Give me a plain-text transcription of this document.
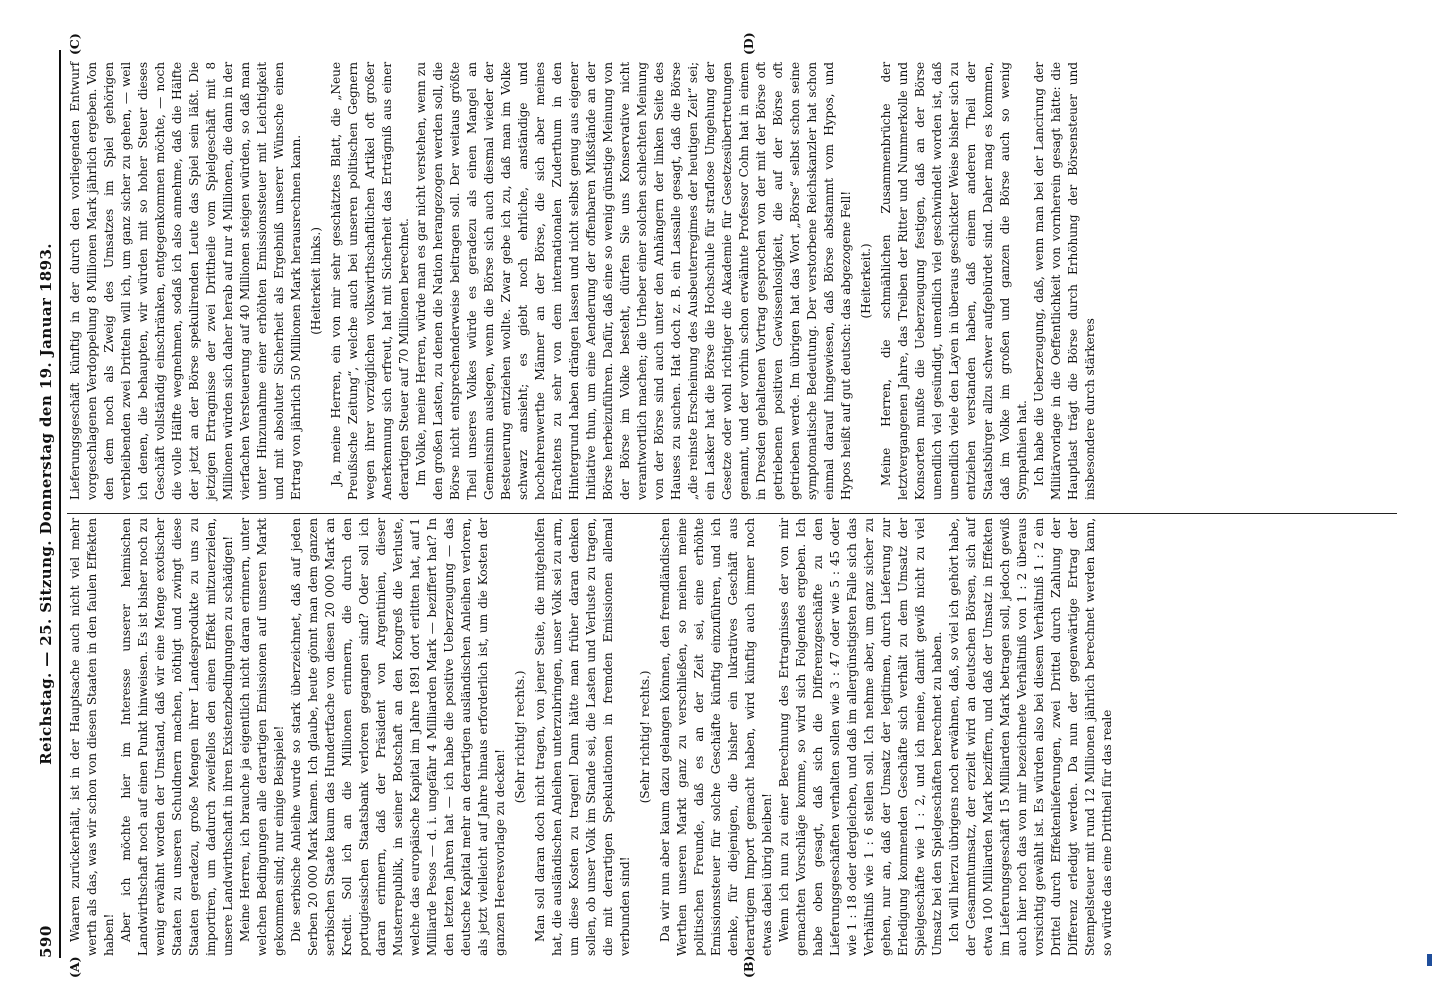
590
Reichstag. — 25. Sitzung. Donnerstag den 19. Januar 1893. Waaren zurückerhält, ist in der Hauptsache auch nicht viel mehr werth als das, was wir schon von diesen Staaten in den faulen Effekten haben! Aber ich möchte hier im Interesse unserer heimischen Landwirthschaft noch auf einen Punkt hinweisen. Es ist bisher noch zu wenig erwähnt worden der Umstand, daß wir eine Menge exotischer Staaten zu unseren Schuldnern machen, nöthigt und zwingt diese Staaten geradezu, große Mengen ihrer Landesprodukte zu uns zu importiren, um dadurch zweifellos den einen Effekt mitzuerzielen, unsere Landwirthschaft in ihren Existenzbedingungen zu schädigen! Meine Herren, ich brauche ja eigentlich nicht daran erinnern, unter welchen Bedingungen alle derartigen Emissionen auf unseren Markt gekommen sind; nur einige Beispiele! Die serbische Anleihe wurde so stark überzeichnet, daß auf jeden Serben 20 000 Mark kamen. Ich glaube, heute gönnt man dem ganzen serbischen Staate kaum das Hundertfache von diesen 20 000 Mark an Kredit. Soll ich an die Millionen erinnern, die durch den portugiesischen Staatsbank verloren gegangen sind? Oder soll ich daran erinnern, daß der Präsident von Argentinien, dieser Musterrepublik, in seiner Botschaft an den Kongreß die Verluste, welche das europäische Kapital im Jahre 1891 dort erlitten hat, auf 1 Milliarde Pesos — d. i. ungefähr 4 Milliarden Mark — beziffert hat? In den letzten Jahren hat — ich habe die positive Ueberzeugung — das deutsche Kapital mehr an derartigen ausländischen Anleihen verloren, als jetzt vielleicht auf Jahre hinaus erforderlich ist, um die Kosten der ganzen Heeresvorlage zu decken!

(Sehr richtig! rechts.) Man soll daran doch nicht tragen, von jener Seite, die mitgeholfen hat, die ausländischen Anleihen unterzubringen, unser Volk sei zu arm, um diese Kosten zu tragen! Dann hätte man früher daran denken sollen, ob unser Volk im Stande sei, die Lasten und Verluste zu tragen, die mit derartigen Spekulationen in fremden Emissionen allemal verbunden sind!

(Sehr richtig! rechts.) Da wir nun aber kaum dazu gelangen können, den fremdländischen Werthen unseren Markt ganz zu verschließen, so meinen meine politischen Freunde, daß es an der Zeit sei, eine erhöhte Emissionssteuer für solche Geschäfte künftig einzuführen, und ich denke, für diejenigen, die bisher ein lukratives Geschäft aus derartigem Import gemacht haben, wird künftig auch immer noch etwas dabei übrig bleiben! Wenn ich nun zu einer Berechnung des Ertragnisses der von mir gemachten Vorschläge komme, so wird sich Folgendes ergeben. Ich habe oben gesagt, daß sich die Differenzgeschäfte zu den Lieferungsgeschäften verhalten sollen wie 3 : 47 oder wie 5 : 45 oder wie 1 : 18 oder dergleichen, und daß im allergünstigsten Falle sich das Verhältniß wie 1 : 6 stellen soll. Ich nehme aber, um ganz sicher zu gehen, nur an, daß der Umsatz der legitimen, durch Lieferung zur Erledigung kommenden Geschäfte sich verhält zu dem Umsatz der Spielgeschäfte wie 1 : 2, und ich meine, damit gewiß nicht zu viel Umsatz bei den Spielgeschäften berechnet zu haben. Ich will hierzu übrigens noch erwähnen, daß, so viel ich gehört habe, der Gesammtumsatz, der erzielt wird an deutschen Börsen, sich auf etwa 100 Milliarden Mark beziffern, und daß der Umsatz in Effekten im Lieferungsgeschäft 15 Milliarden Mark betragen soll, jedoch gewiß auch hier noch das von mir bezeichnete Verhältniß von 1 : 2 überaus vorsichtig gewählt ist. Es würden also bei diesem Verhältniß 1 : 2 ein Drittel durch Effektenlieferungen, zwei Drittel durch Zahlung der Differenz erledigt werden. Da nun der gegenwärtige Ertrag der Stempelsteuer mit rund 12 Millionen jährlich berechnet werden kann, so würde das eine Drittheil für das reale

Lieferungsgeschäft künftig in der durch den vorliegenden Entwurf vorgeschlagenen Verdoppelung 8 Millionen Mark jährlich ergeben. Von den dem noch als Zweig des Umsatzes im Spiel gehörigen verbleibenden zwei Dritteln will ich, um ganz sicher zu gehen, — weil ich denen, die behaupten, wir würden mit so hoher Steuer dieses Geschäft vollständig einschränken, entgegenkommen möchte, — noch die volle Hälfte wegnehmen, sodaß ich also annehme, daß die Hälfte der jetzt an der Börse spekulirenden Leute das Spiel sein läßt. Die jetzigen Ertragnisse der zwei Drittheile vom Spielgeschäft mit 8 Millionen würden sich daher herab auf nur 4 Millionen, die dann in der vierfachen Versteuerung auf 40 Millionen steigen würden, so daß man unter Hinzunahme einer erhöhten Emissionssteuer mit Leichtigkeit und mit absoluter Sicherheit als Ergebniß unserer Wünsche einen Ertrag von jährlich 50 Millionen Mark herausrechnen kann. (Heiterkeit links.) Ja, meine Herren, ein von mir sehr geschätztes Blatt, die „Neue Preußische Zeitung“, welche auch bei unseren politischen Gegnern wegen ihrer vorzüglichen volkswirthschaftlichen Artikel oft großer Anerkennung sich erfreut, hat mit Sicherheit das Erträgniß aus einer derartigen Steuer auf 70 Millionen berechnet. Im Volke, meine Herren, würde man es gar nicht verstehen, wenn zu den großen Lasten, zu denen die Nation herangezogen werden soll, die Börse nicht entsprechenderweise beitragen soll. Der weitaus größte Theil unseres Volkes würde es geradezu als einen Mangel an Gemeinsinn auslegen, wenn die Börse sich auch diesmal wieder der Besteuerung entziehen wollte. Zwar gebe ich zu, daß man im Volke schwarz ansieht; es giebt noch ehrliche, anständige und hochehrenwerthe Männer an der Börse, die sich aber meines Erachtens zu sehr von dem internationalen Zuderthum in den Hintergrund haben drängen lassen und nicht selbst genug aus eigener Initiative thun, um eine Aenderung der offenbaren Mißstände an der Börse herbeizuführen. Dafür, daß eine so wenig günstige Meinung von der Börse im Volke besteht, dürfen Sie uns Konservative nicht verantwortlich machen; die Urheber einer solchen schlechten Meinung von der Börse sind auch unter den Anhängern der linken Seite des Hauses zu suchen. Hat doch z. B. ein Lassalle gesagt, daß die Börse „die reinste Erscheinung des Ausbeuterregimes der heutigen Zeit“ sei; ein Lasker hat die Börse die Hochschule für straflose Umgehung der Gesetze oder wohl richtiger die Akademie für Gesetzesübertretungen genannt, und der vorhin schon erwähnte Professor Cohn hat in einem in Dresden gehaltenen Vortrag gesprochen von der mit der Börse oft getriebenen positiven Gewissenlosigkeit, die auf der Börse oft getrieben werde. Im übrigen hat das Wort „Börse“ selbst schon seine symptomatische Bedeutung. Der verstorbene Reichskanzler hat schon einmal darauf hingewiesen, daß Börse abstammt vom Hypos, und Hypos heißt auf gut deutsch: das abgezogene Fell! (Heiterkeit.) Meine Herren, die schmählichen Zusammenbrüche der letztvergangenen Jahre, das Treiben der Ritter und Nummerkolle und Konsorten mußte die Ueberzeugung festigen, daß an der Börse unendlich viel gesündigt, unendlich viel geschwindelt worden ist, daß unendlich viele den Layen in überaus geschickter Weise bisher sich zu entziehen verstanden haben, daß einem anderen Theil der Staatsbürger allzu schwer aufgebürdet sind. Daher mag es kommen, daß im Volke im großen und ganzen die Börse auch so wenig Sympathien hat. Ich habe die Ueberzeugung, daß, wenn man bei der Lancirung der Militärvorlage in die Oeffentlichkeit von vornherein gesagt hätte: die Hauptlast trägt die Börse durch Erhöhung der Börsensteuer und insbesondere durch stärkeres

(A)	(B)
(C)	(D)
